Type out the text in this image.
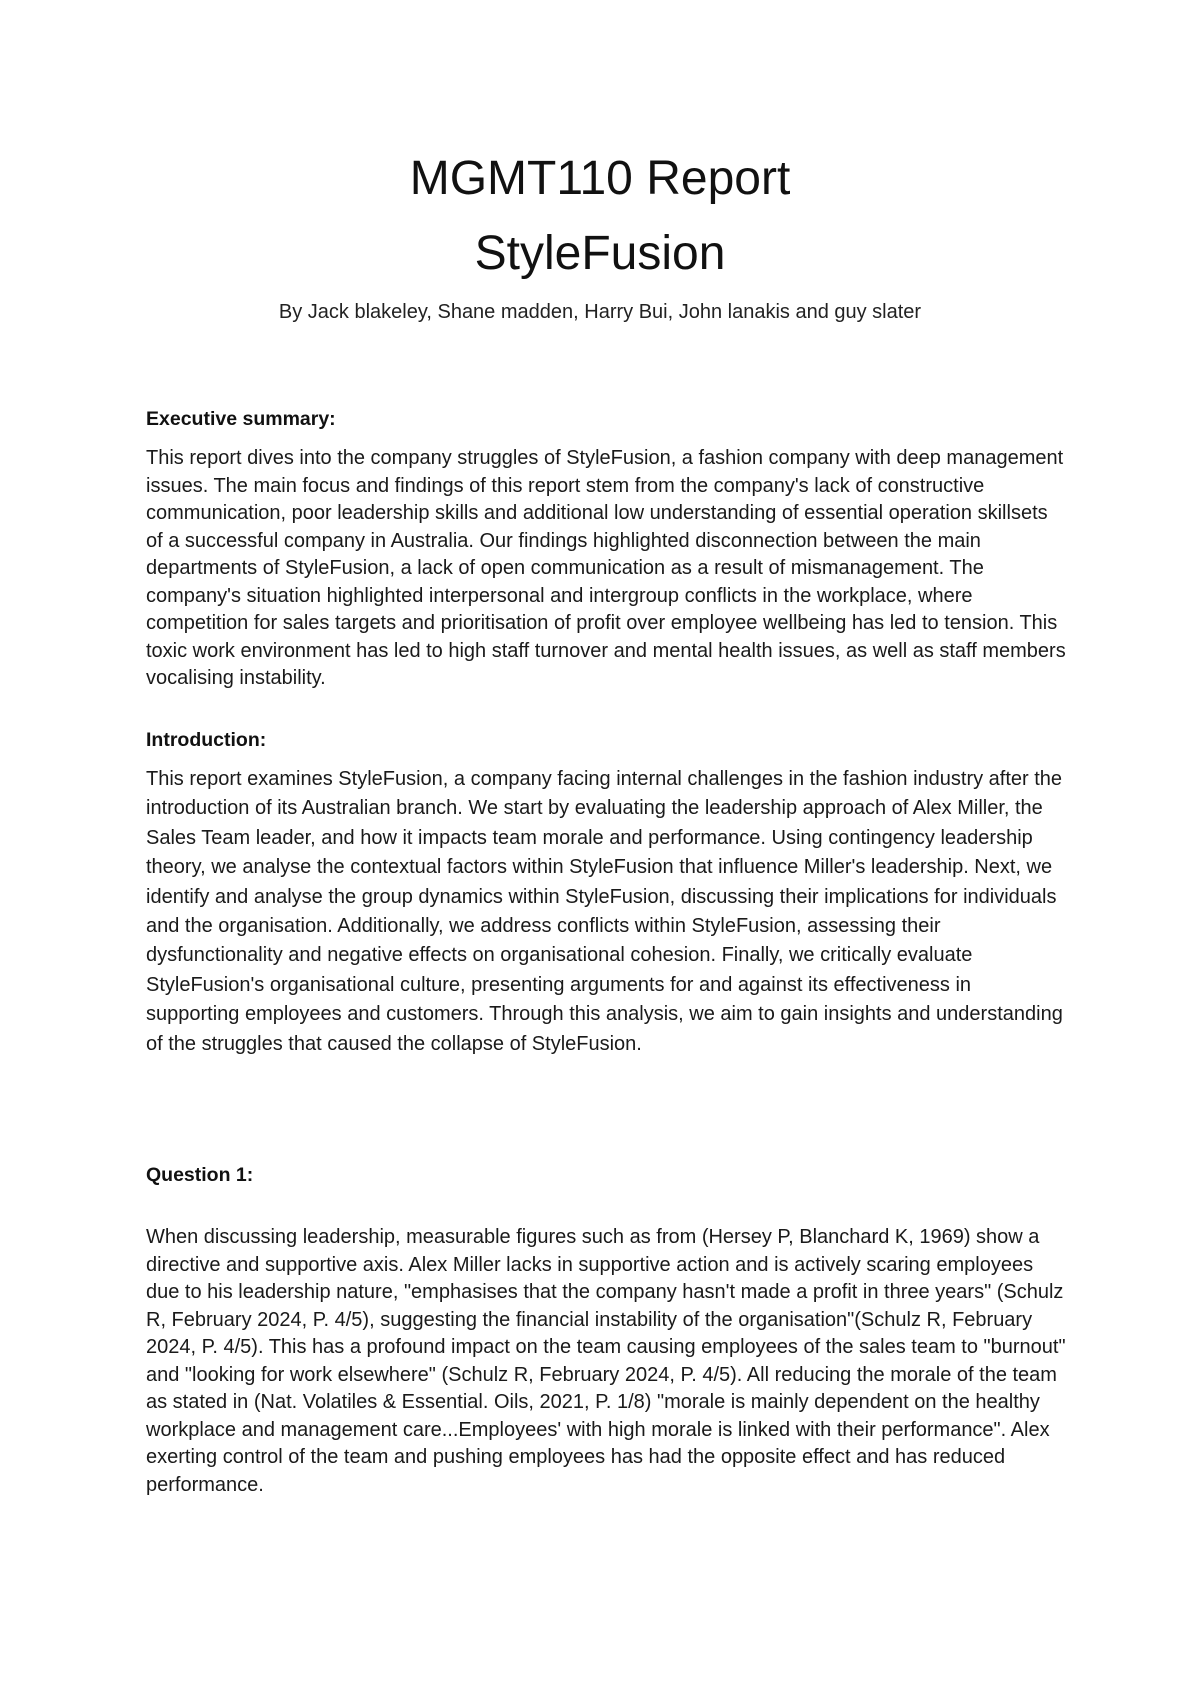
MGMT110 Report
StyleFusion

By Jack blakeley, Shane madden, Harry Bui, John lanakis and guy slater

Executive summary:

This report dives into the company struggles of StyleFusion, a fashion company with deep management issues. The main focus and findings of this report stem from the company's lack of constructive communication, poor leadership skills and additional low understanding of essential operation skillsets of a successful company in Australia. Our findings highlighted disconnection between the main departments of StyleFusion, a lack of open communication as a result of mismanagement. The company's situation highlighted interpersonal and intergroup conflicts in the workplace, where competition for sales targets and prioritisation of profit over employee wellbeing has led to tension. This toxic work environment has led to high staff turnover and mental health issues, as well as staff members vocalising instability.

Introduction:

This report examines StyleFusion, a company facing internal challenges in the fashion industry after the introduction of its Australian branch. We start by evaluating the leadership approach of Alex Miller, the Sales Team leader, and how it impacts team morale and performance. Using contingency leadership theory, we analyse the contextual factors within StyleFusion that influence Miller's leadership. Next, we identify and analyse the group dynamics within StyleFusion, discussing their implications for individuals and the organisation. Additionally, we address conflicts within StyleFusion, assessing their dysfunctionality and negative effects on organisational cohesion. Finally, we critically evaluate StyleFusion's organisational culture, presenting arguments for and against its effectiveness in supporting employees and customers. Through this analysis, we aim to gain insights and understanding of the struggles that caused the collapse of StyleFusion.

Question 1:

When discussing leadership, measurable figures such as from (Hersey P, Blanchard K, 1969) show a directive and supportive axis. Alex Miller lacks in supportive action and is actively scaring employees due to his leadership nature, "emphasises that the company hasn't made a profit in three years" (Schulz R, February 2024, P. 4/5), suggesting the financial instability of the organisation"(Schulz R, February 2024, P. 4/5). This has a profound impact on the team causing employees of the sales team to "burnout" and "looking for work elsewhere" (Schulz R, February 2024, P. 4/5). All reducing the morale of the team as stated in (Nat. Volatiles & Essential. Oils, 2021, P. 1/8) "morale is mainly dependent on the healthy workplace and management care...Employees' with high morale is linked with their performance". Alex exerting control of the team and pushing employees has had the opposite effect and has reduced performance.
